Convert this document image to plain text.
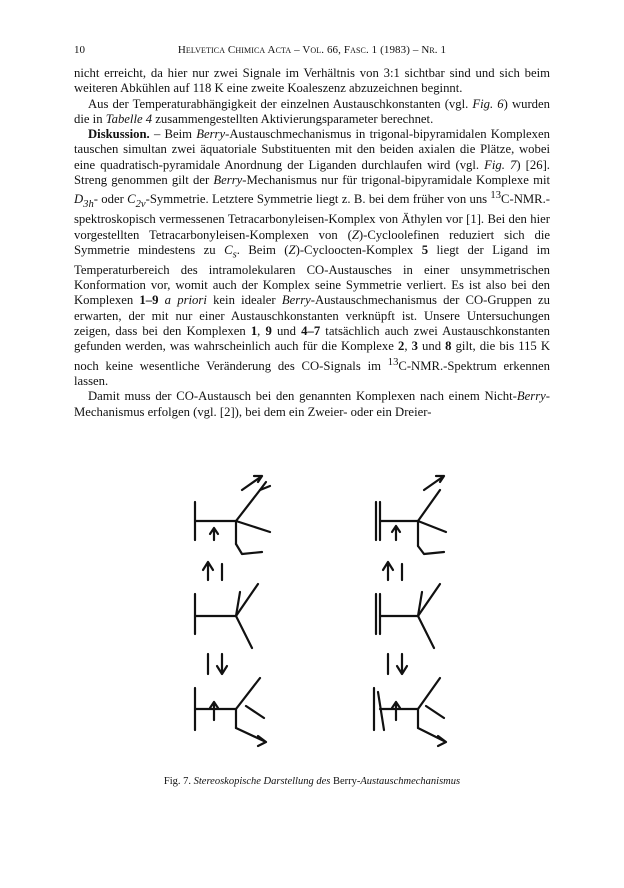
10	Helvetica Chimica Acta – Vol. 66, Fasc. 1 (1983) – Nr. 1

nicht erreicht, da hier nur zwei Signale im Verhältnis von 3:1 sichtbar sind und sich beim weiteren Abkühlen auf 118 K eine zweite Koaleszenz abzuzeichnen beginnt.

Aus der Temperaturabhängigkeit der einzelnen Austauschkonstanten (vgl. Fig. 6) wurden die in Tabelle 4 zusammengestellten Aktivierungsparameter berechnet.

Diskussion. – Beim Berry-Austauschmechanismus in trigonal-bipyramidalen Komplexen tauschen simultan zwei äquatoriale Substituenten mit den beiden axialen die Plätze, wobei eine quadratisch-pyramidale Anordnung der Liganden durchlaufen wird (vgl. Fig. 7) [26]. Streng genommen gilt der Berry-Mechanismus nur für trigonal-bipyramidale Komplexe mit $D_{3h}-$ oder $C_{2v}$-Symmetrie. Letztere Symmetrie liegt z. B. bei dem früher von uns $^{13}$C-NMR.-spektroskopisch vermessenen Tetracarbonyleisen-Komplex von Äthylen vor [1]. Bei den hier vorgestellten Tetracarbonyleisen-Komplexen von (Z)-Cycloolefinen reduziert sich die Symmetrie mindestens zu $C_s$. Beim (Z)-Cycloocten-Komplex 5 liegt der Ligand im Temperaturbereich des intramolekularen CO-Austausches in einer unsymmetrischen Konformation vor, womit auch der Komplex seine Symmetrie verliert. Es ist also bei den Komplexen 1–9 a priori kein idealer Berry-Austauschmechanismus der CO-Gruppen zu erwarten, der mit nur einer Austauschkonstanten verknüpft ist. Unsere Untersuchungen zeigen, dass bei den Komplexen 1, 9 und 4–7 tatsächlich auch zwei Austauschkonstanten gefunden werden, was wahrscheinlich auch für die Komplexe 2, 3 und 8 gilt, die bis 115 K noch keine wesentliche Veränderung des CO-Signals im $^{13}$C-NMR.-Spektrum erkennen lassen.

Damit muss der CO-Austausch bei den genannten Komplexen nach einem Nicht-Berry-Mechanismus erfolgen (vgl. [2]), bei dem ein Zweier- oder ein Dreier-

Fig. 7. Stereoskopische Darstellung des Berry-Austauschmechanismus
